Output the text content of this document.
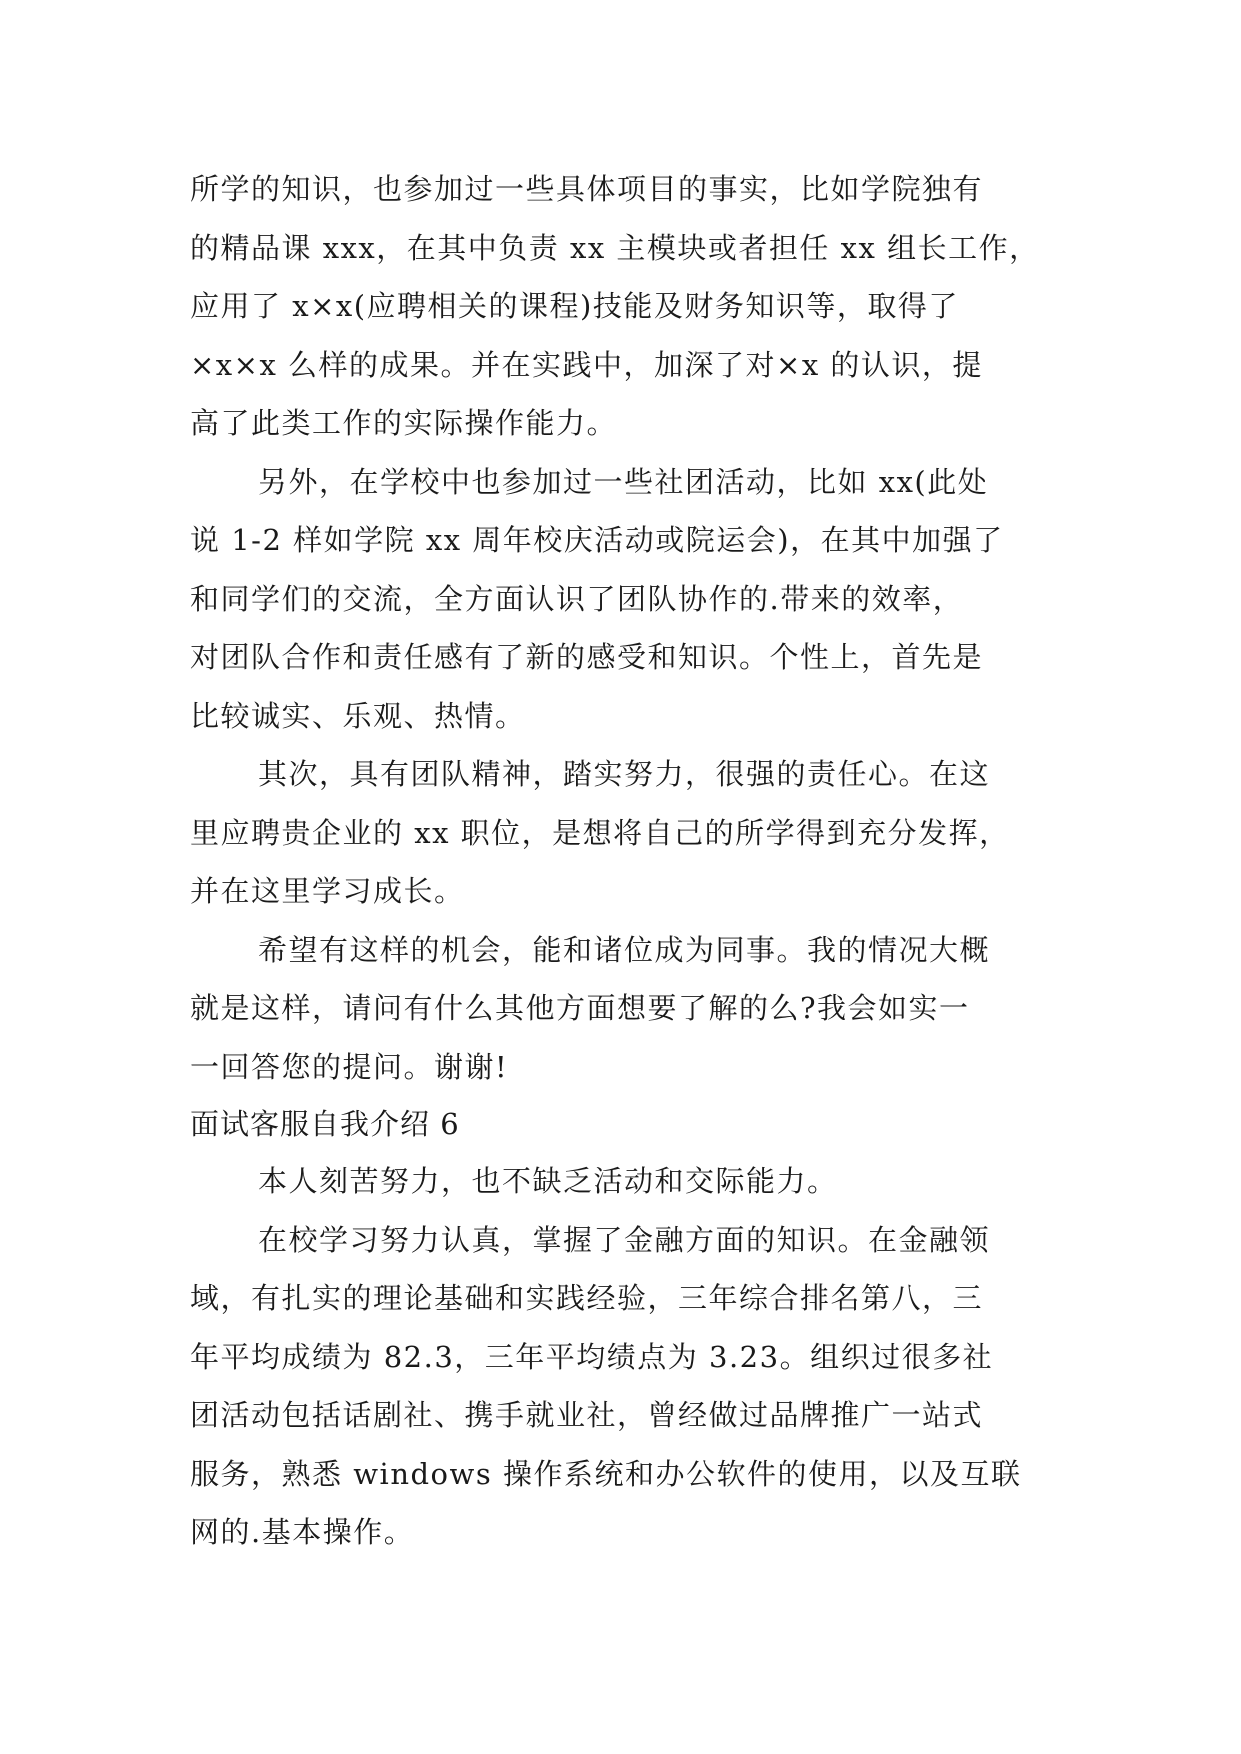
所学的知识，也参加过一些具体项目的事实，比如学院独有
的精品课 xxx，在其中负责 xx 主模块或者担任 xx 组长工作，
应用了 x×x(应聘相关的课程)技能及财务知识等，取得了
×x×x 么样的成果。并在实践中，加深了对×x 的认识，提
高了此类工作的实际操作能力。
另外，在学校中也参加过一些社团活动，比如 xx(此处
说 1-2 样如学院 xx 周年校庆活动或院运会)，在其中加强了
和同学们的交流，全方面认识了团队协作的.带来的效率，
对团队合作和责任感有了新的感受和知识。个性上，首先是
比较诚实、乐观、热情。
其次，具有团队精神，踏实努力，很强的责任心。在这
里应聘贵企业的 xx 职位，是想将自己的所学得到充分发挥，
并在这里学习成长。
希望有这样的机会，能和诸位成为同事。我的情况大概
就是这样，请问有什么其他方面想要了解的么?我会如实一
一回答您的提问。谢谢!
面试客服自我介绍 6
本人刻苦努力，也不缺乏活动和交际能力。
在校学习努力认真，掌握了金融方面的知识。在金融领
域，有扎实的理论基础和实践经验，三年综合排名第八，三
年平均成绩为 82.3，三年平均绩点为 3.23。组织过很多社
团活动包括话剧社、携手就业社，曾经做过品牌推广一站式
服务，熟悉 windows 操作系统和办公软件的使用，以及互联
网的.基本操作。
